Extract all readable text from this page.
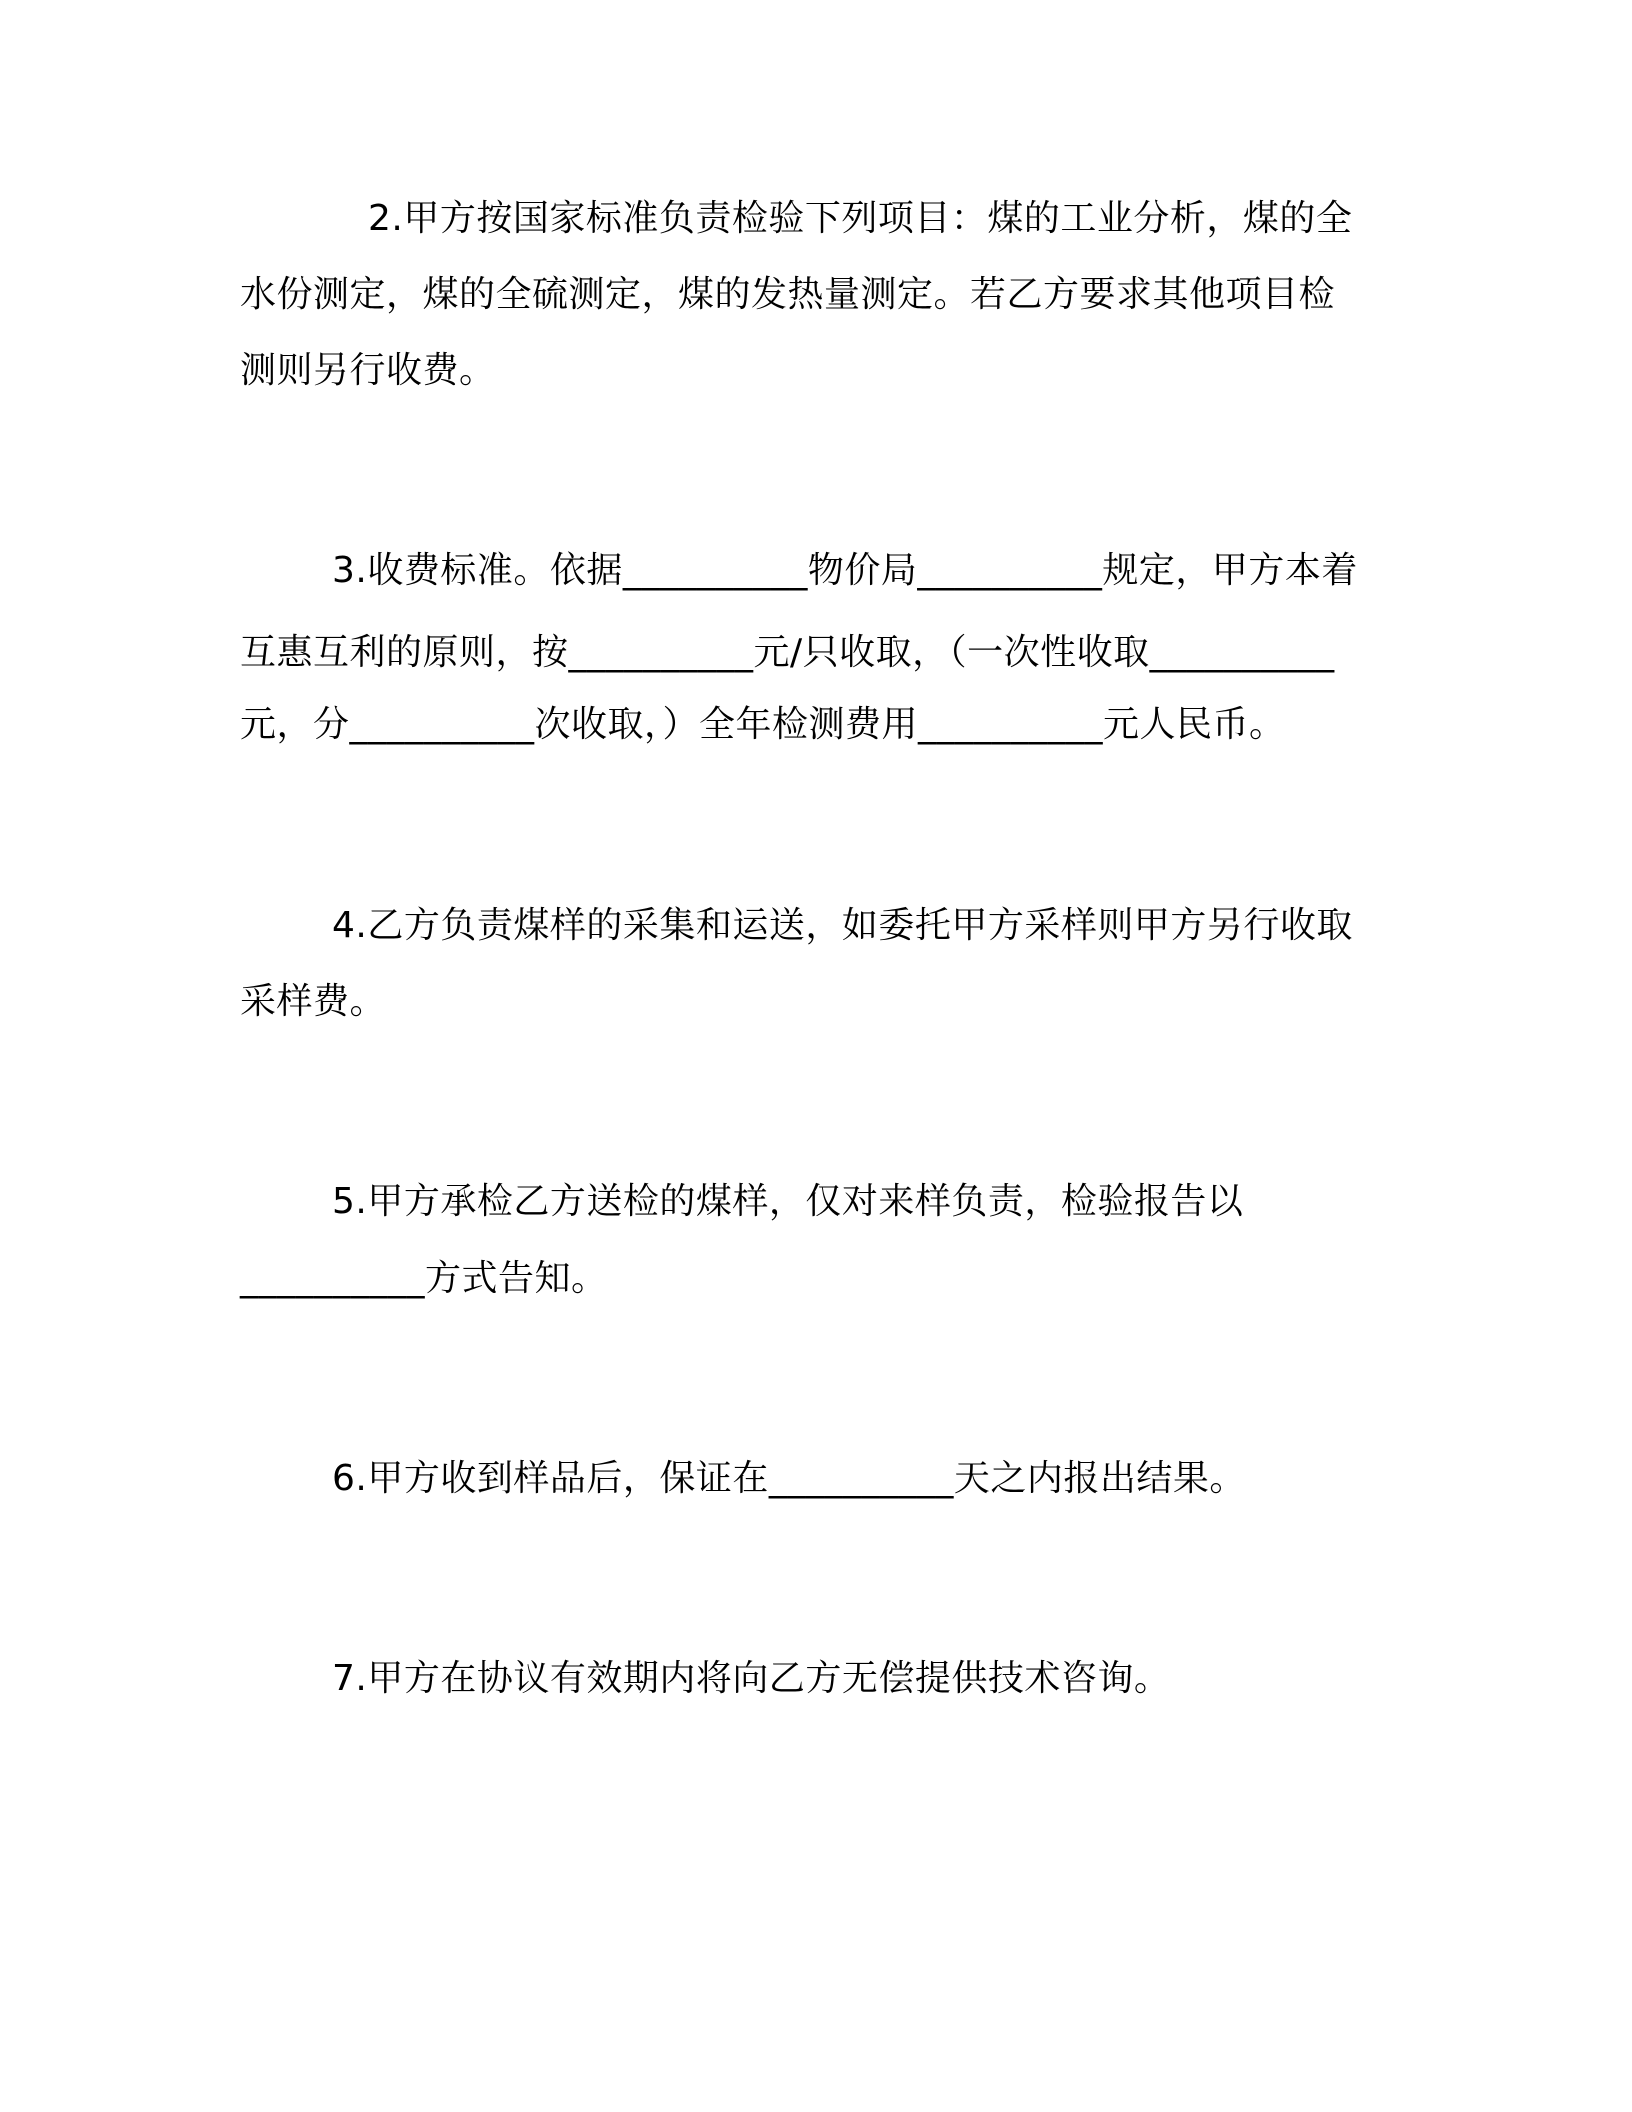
2.甲方按国家标准负责检验下列项目：煤的工业分析，煤的全
水份测定，煤的全硫测定，煤的发热量测定。若乙方要求其他项目检
测则另行收费。
3.收费标准。依据__________物价局__________规定，甲方本着
互惠互利的原则，按__________元/只收取，（一次性收取__________
元，分__________次收取，）全年检测费用__________元人民币。
4.乙方负责煤样的采集和运送，如委托甲方采样则甲方另行收取
采样费。
5.甲方承检乙方送检的煤样，仅对来样负责，检验报告以
__________方式告知。
6.甲方收到样品后，保证在__________天之内报出结果。
7.甲方在协议有效期内将向乙方无偿提供技术咨询。
